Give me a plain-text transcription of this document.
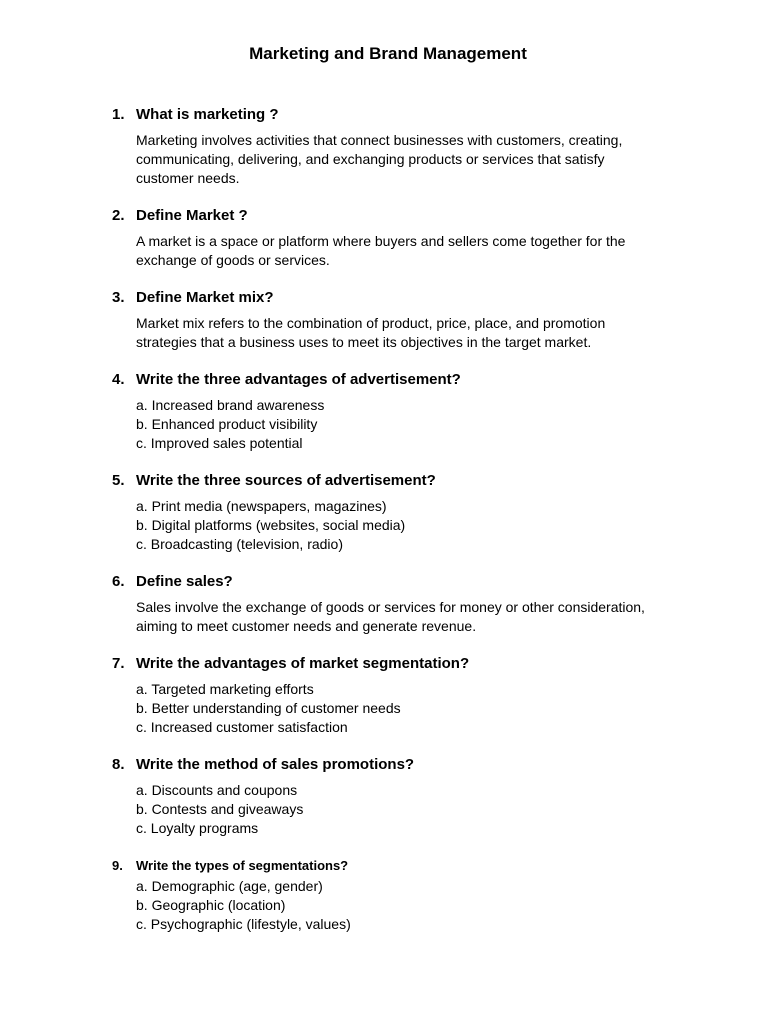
Marketing and Brand Management
1. What is marketing ?
Marketing involves activities that connect businesses with customers, creating, communicating, delivering, and exchanging products or services that satisfy customer needs.
2. Define Market ?
A market is a space or platform where buyers and sellers come together for the exchange of goods or services.
3. Define Market mix?
Market mix refers to the combination of product, price, place, and promotion strategies that a business uses to meet its objectives in the target market.
4. Write the three advantages of advertisement?
a. Increased brand awareness
b. Enhanced product visibility
c. Improved sales potential
5. Write the three sources of advertisement?
a. Print media (newspapers, magazines)
b. Digital platforms (websites, social media)
c. Broadcasting (television, radio)
6. Define sales?
Sales involve the exchange of goods or services for money or other consideration, aiming to meet customer needs and generate revenue.
7. Write the advantages of market segmentation?
a. Targeted marketing efforts
b. Better understanding of customer needs
c. Increased customer satisfaction
8. Write the method of sales promotions?
a. Discounts and coupons
b. Contests and giveaways
c. Loyalty programs
9.	Write the types of segmentations?
a. Demographic (age, gender)
b. Geographic (location)
c. Psychographic (lifestyle, values)
